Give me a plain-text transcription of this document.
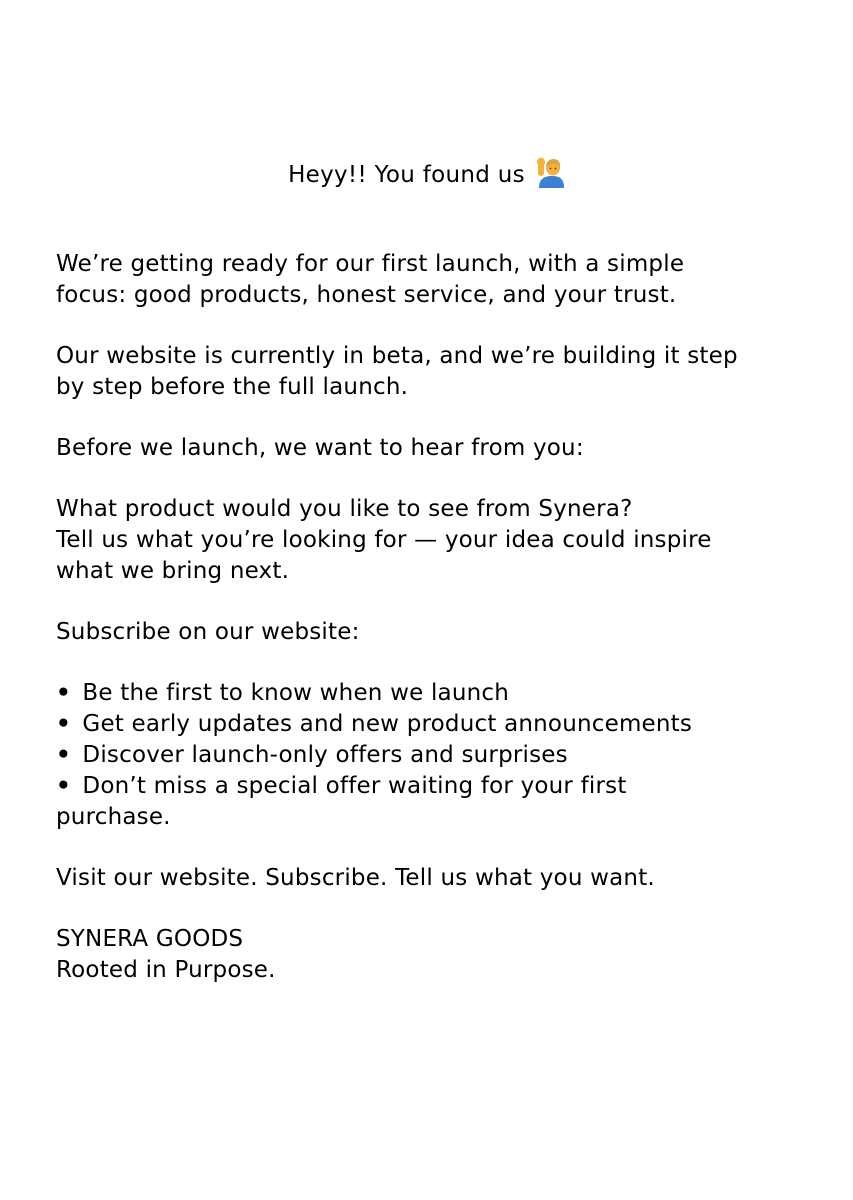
Heyy!! You found us

We’re getting ready for our first launch, with a simple
focus: good products, honest service, and your trust.

Our website is currently in beta, and we’re building it step
by step before the full launch.

Before we launch, we want to hear from you:

What product would you like to see from Synera?
Tell us what you’re looking for — your idea could inspire
what we bring next.

Subscribe on our website:

• Be the first to know when we launch
• Get early updates and new product announcements
• Discover launch-only offers and surprises
• Don’t miss a special offer waiting for your first
purchase.

Visit our website. Subscribe. Tell us what you want.

SYNERA GOODS
Rooted in Purpose.
